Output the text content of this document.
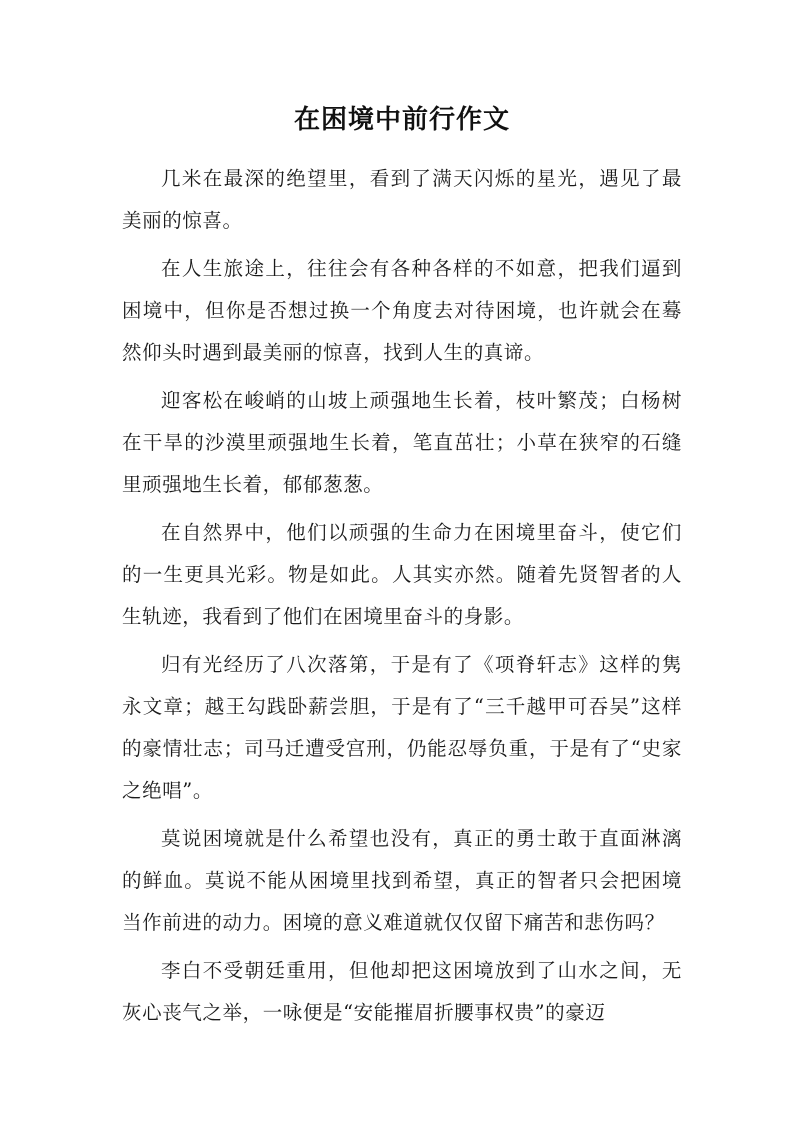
在困境中前行作文

几米在最深的绝望里，看到了满天闪烁的星光，遇见了最美丽的惊喜。

在人生旅途上，往往会有各种各样的不如意，把我们逼到困境中，但你是否想过换一个角度去对待困境，也许就会在蓦然仰头时遇到最美丽的惊喜，找到人生的真谛。

迎客松在峻峭的山坡上顽强地生长着，枝叶繁茂；白杨树在干旱的沙漠里顽强地生长着，笔直茁壮；小草在狭窄的石缝里顽强地生长着，郁郁葱葱。

在自然界中，他们以顽强的生命力在困境里奋斗，使它们的一生更具光彩。物是如此。人其实亦然。随着先贤智者的人生轨迹，我看到了他们在困境里奋斗的身影。

归有光经历了八次落第，于是有了《项脊轩志》这样的隽永文章；越王勾践卧薪尝胆，于是有了“三千越甲可吞吴”这样的豪情壮志；司马迁遭受宫刑，仍能忍辱负重，于是有了“史家之绝唱”。

莫说困境就是什么希望也没有，真正的勇士敢于直面淋漓的鲜血。莫说不能从困境里找到希望，真正的智者只会把困境当作前进的动力。困境的意义难道就仅仅留下痛苦和悲伤吗？

李白不受朝廷重用，但他却把这困境放到了山水之间，无灰心丧气之举，一咏便是“安能摧眉折腰事权贵”的豪迈
